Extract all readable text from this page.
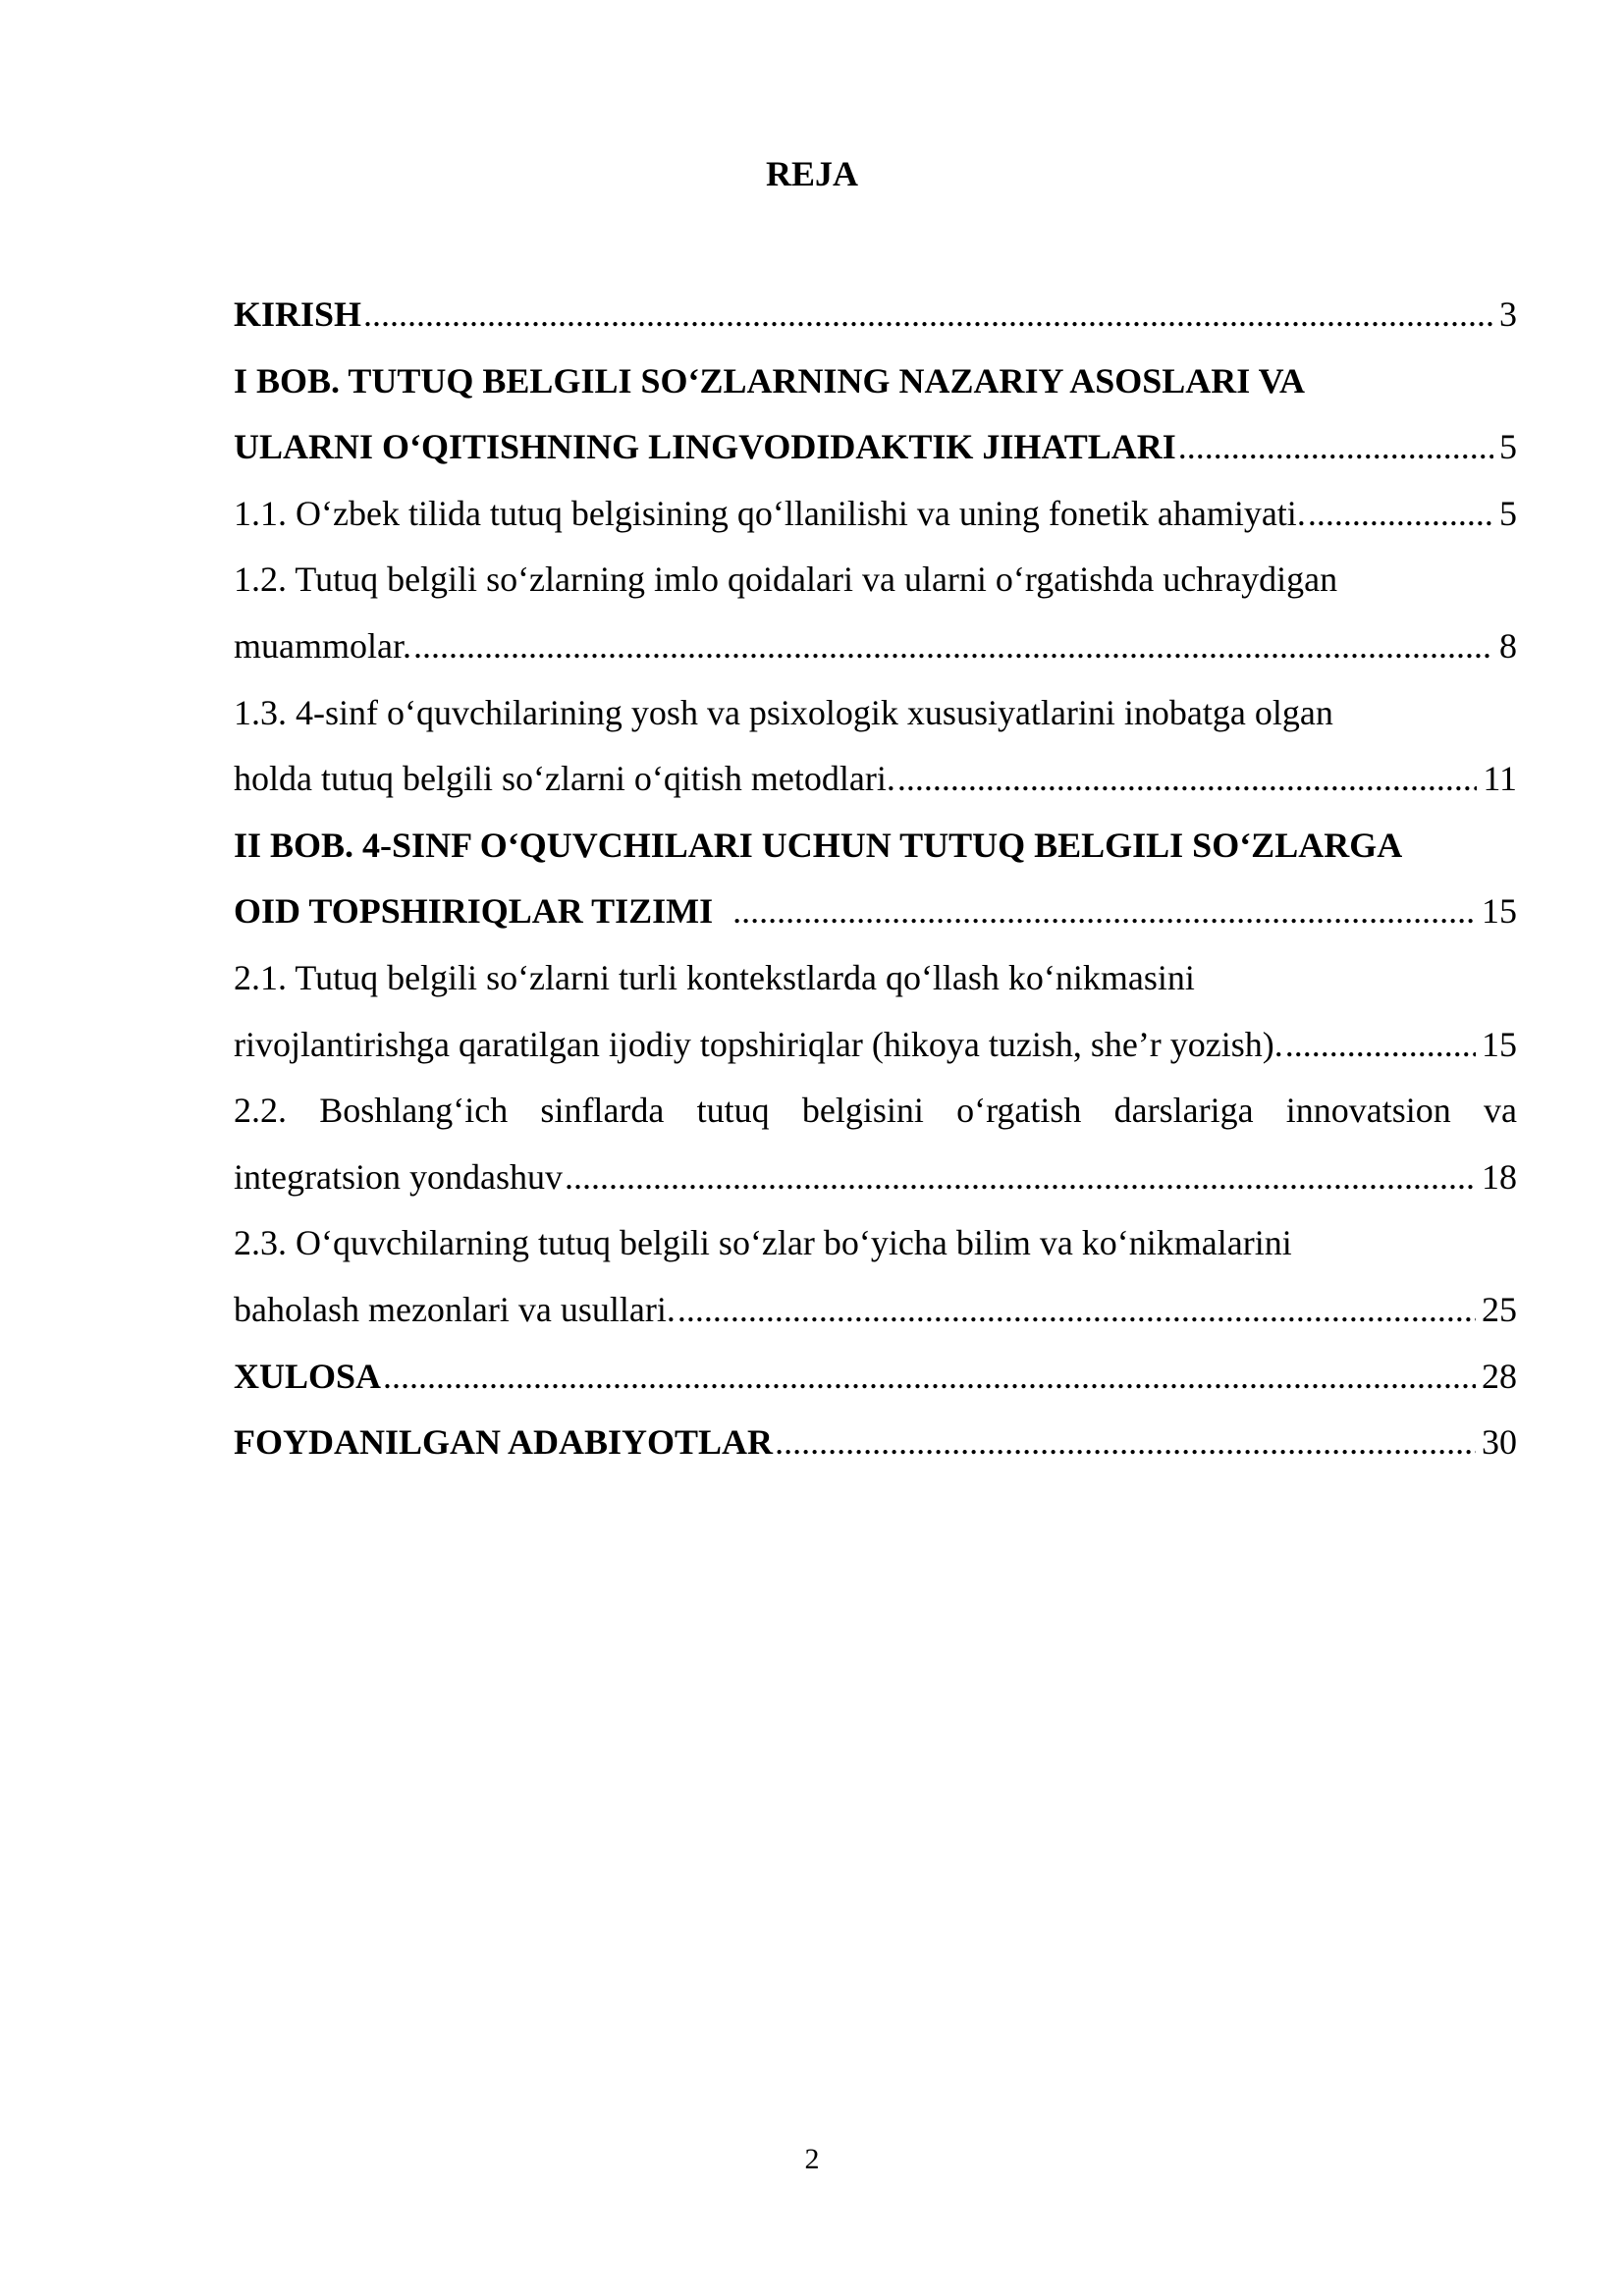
REJA
KIRISH .....	3
I BOB. TUTUQ BELGILI SO‘ZLARNING NAZARIY ASOSLARI VA
ULARNI O‘QITISHNING LINGVODIDAKTIK JIHATLARI .....	5
1.1. O‘zbek tilida tutuq belgisining qo‘llanilishi va uning fonetik ahamiyati. .....	5
1.2. Tutuq belgili so‘zlarning imlo qoidalari va ularni o‘rgatishda uchraydigan
muammolar. .....	8
1.3. 4-sinf o‘quvchilarining yosh va psixologik xususiyatlarini inobatga olgan
holda tutuq belgili so‘zlarni o‘qitish metodlari. .....	11
II BOB. 4-SINF O‘QUVCHILARI UCHUN TUTUQ BELGILI SO‘ZLARGA
OID TOPSHIRIQLAR TIZIMI .....	15
2.1. Tutuq belgili so‘zlarni turli kontekstlarda qo‘llash ko‘nikmasini
rivojlantirishga qaratilgan ijodiy topshiriqlar (hikoya tuzish, she’r yozish). .....	15
2.2. Boshlang‘ich sinflarda tutuq belgisini o‘rgatish darslariga innovatsion va
integratsion yondashuv .....	18
2.3. O‘quvchilarning tutuq belgili so‘zlar bo‘yicha bilim va ko‘nikmalarini
baholash mezonlari va usullari. .....	25
XULOSA .....	28
FOYDANILGAN ADABIYOTLAR .....	30
2
